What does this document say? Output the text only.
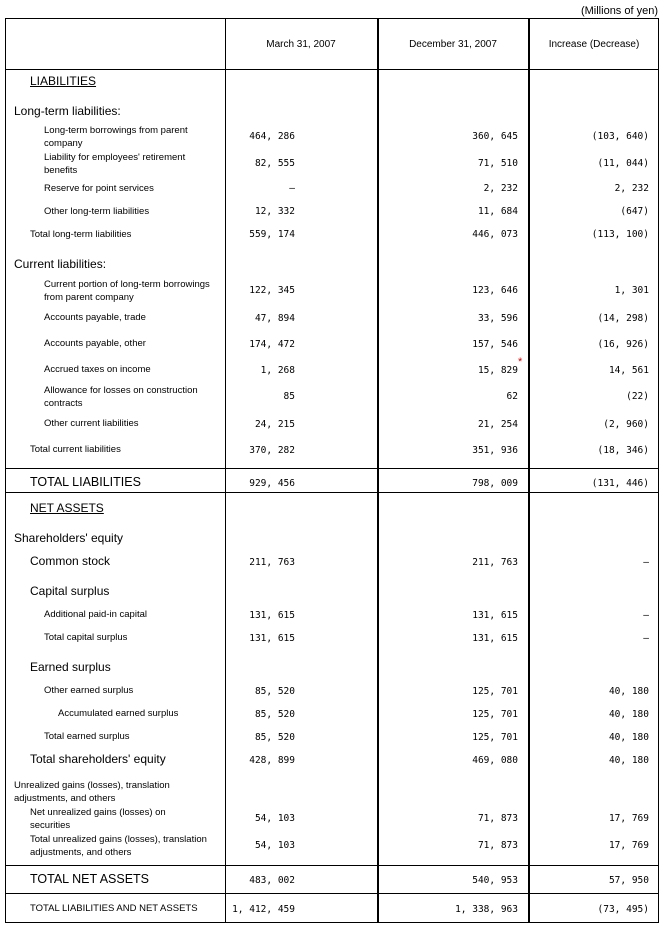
(Millions of yen)
March 31, 2007	December 31, 2007	Increase (Decrease)
LIABILITIES
Long-term liabilities:
Long-term borrowings from parent company
464, 286	360, 645	(103, 640)
Liability for employees' retirement benefits
82, 555	71, 510	(11, 044)
Reserve for point services	–	2, 232	2, 232
Other long-term liabilities	12, 332	11, 684	(647)
Total long-term liabilities	559, 174	446, 073	(113, 100)
Current liabilities:
Current portion of long-term borrowings from parent company
122, 345	123, 646	1, 301
Accounts payable, trade	47, 894	33, 596	(14, 298)
Accounts payable, other	174, 472	157, 546	(16, 926)
Accrued taxes on income	1, 268	15, 829	14, 561
Allowance for losses on construction contracts
85	62	(22)
Other current liabilities	24, 215	21, 254	(2, 960)
Total current liabilities	370, 282	351, 936	(18, 346)
TOTAL LIABILITIES	929, 456	798, 009	(131, 446)
NET ASSETS
Shareholders' equity
Common stock	211, 763	211, 763	–
Capital surplus
Additional paid-in capital	131, 615	131, 615	–
Total capital surplus	131, 615	131, 615	–
Earned surplus
Other earned surplus	85, 520	125, 701	40, 180
Accumulated earned surplus	85, 520	125, 701	40, 180
Total earned surplus	85, 520	125, 701	40, 180
Total shareholders' equity	428, 899	469, 080	40, 180
Unrealized gains (losses), translation adjustments, and others
Net unrealized gains (losses) on securities
54, 103	71, 873	17, 769
Total unrealized gains (losses), translation adjustments, and others
54, 103	71, 873	17, 769
TOTAL NET ASSETS	483, 002	540, 953	57, 950
TOTAL LIABILITIES AND NET ASSETS	1, 412, 459	1, 338, 963	(73, 495)
*
